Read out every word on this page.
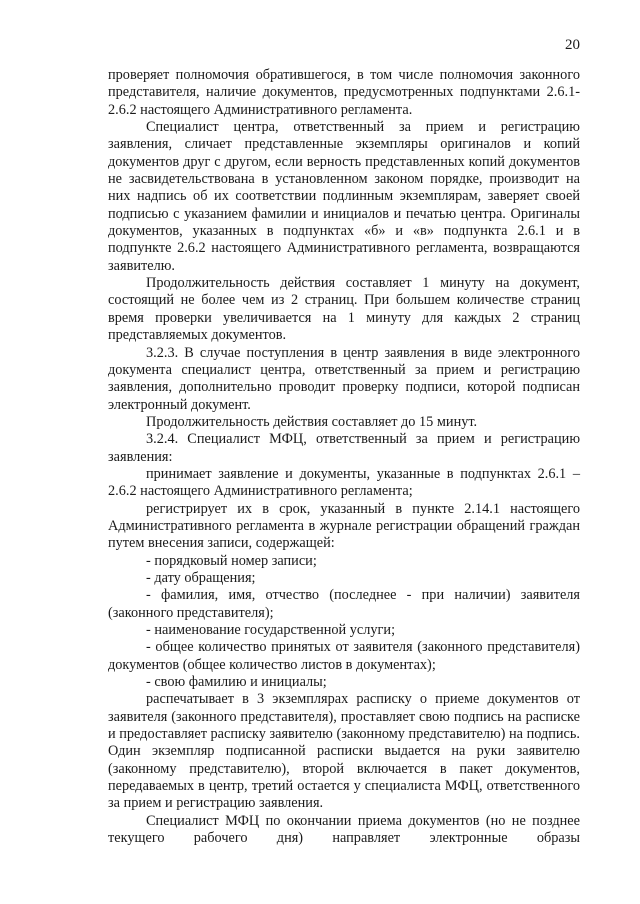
20

проверяет полномочия обратившегося, в том числе полномочия законного представителя, наличие документов, предусмотренных подпунктами 2.6.1-2.6.2 настоящего Административного регламента.

Специалист центра, ответственный за прием и регистрацию заявления, сличает представленные экземпляры оригиналов и копий документов друг с другом, если верность представленных копий документов не засвидетельствована в установленном законом порядке, производит на них надпись об их соответствии подлинным экземплярам, заверяет своей подписью с указанием фамилии и инициалов и печатью центра. Оригиналы документов, указанных в подпунктах «б» и «в» подпункта 2.6.1 и в подпункте 2.6.2 настоящего Административного регламента, возвращаются заявителю.

Продолжительность действия составляет 1 минуту на документ, состоящий не более чем из 2 страниц. При большем количестве страниц время проверки увеличивается на 1 минуту для каждых 2 страниц представляемых документов.

3.2.3. В случае поступления в центр заявления в виде электронного документа специалист центра, ответственный за прием и регистрацию заявления, дополнительно проводит проверку подписи, которой подписан электронный документ.

Продолжительность действия составляет до 15 минут.

3.2.4. Специалист МФЦ, ответственный за прием и регистрацию заявления:

принимает заявление и документы, указанные в подпунктах 2.6.1 – 2.6.2 настоящего Административного регламента;

регистрирует их в срок, указанный в пункте 2.14.1 настоящего Административного регламента в журнале регистрации обращений граждан путем внесения записи, содержащей:

- порядковый номер записи;

- дату обращения;

- фамилия, имя, отчество (последнее - при наличии) заявителя (законного представителя);

- наименование государственной услуги;

- общее количество принятых от заявителя (законного представителя) документов (общее количество листов в документах);

- свою фамилию и инициалы;

распечатывает в 3 экземплярах расписку о приеме документов от заявителя (законного представителя), проставляет свою подпись на расписке и предоставляет расписку заявителю (законному представителю) на подпись. Один экземпляр подписанной расписки выдается на руки заявителю (законному представителю), второй включается в пакет документов, передаваемых в центр, третий остается у специалиста МФЦ, ответственного за прием и регистрацию заявления.

Специалист МФЦ по окончании приема документов (но не позднее текущего рабочего дня) направляет электронные образы
